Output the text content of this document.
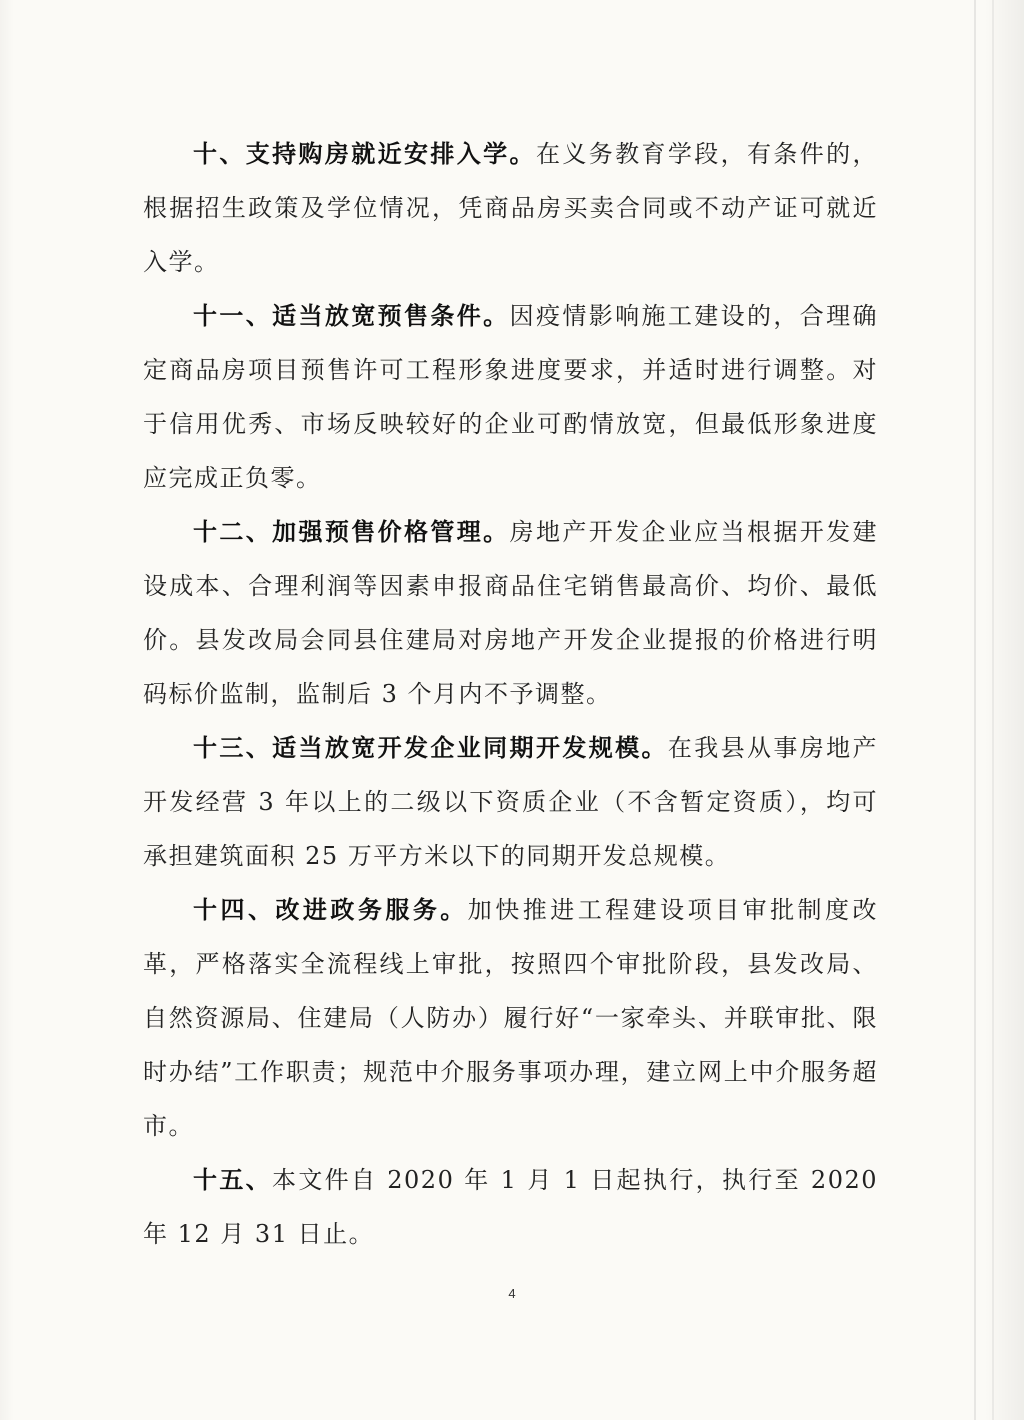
十、支持购房就近安排入学。在义务教育学段，有条件的，根据招生政策及学位情况，凭商品房买卖合同或不动产证可就近入学。

十一、适当放宽预售条件。因疫情影响施工建设的，合理确定商品房项目预售许可工程形象进度要求，并适时进行调整。对于信用优秀、市场反映较好的企业可酌情放宽，但最低形象进度应完成正负零。

十二、加强预售价格管理。房地产开发企业应当根据开发建设成本、合理利润等因素申报商品住宅销售最高价、均价、最低价。县发改局会同县住建局对房地产开发企业提报的价格进行明码标价监制，监制后 3 个月内不予调整。

十三、适当放宽开发企业同期开发规模。在我县从事房地产开发经营 3 年以上的二级以下资质企业（不含暂定资质），均可承担建筑面积 25 万平方米以下的同期开发总规模。

十四、改进政务服务。加快推进工程建设项目审批制度改革，严格落实全流程线上审批，按照四个审批阶段，县发改局、自然资源局、住建局（人防办）履行好“一家牵头、并联审批、限时办结”工作职责；规范中介服务事项办理，建立网上中介服务超市。

十五、本文件自 2020 年 1 月 1 日起执行，执行至 2020 年 12 月 31 日止。

4
